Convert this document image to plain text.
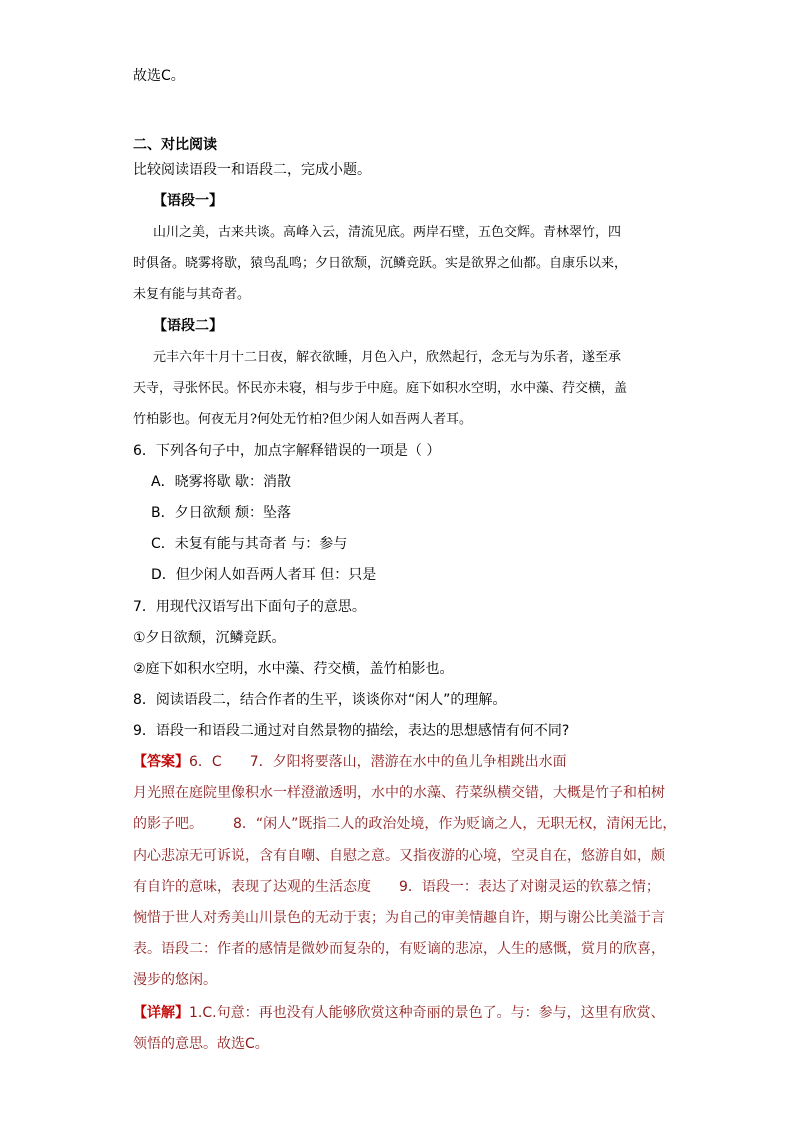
故选C。
二、对比阅读
比较阅读语段一和语段二，完成小题。
【语段一】
山川之美，古来共谈。高峰入云，清流见底。两岸石壁，五色交辉。青林翠竹，四
时俱备。晓雾将歇，猿鸟乱鸣；夕日欲颓，沉鳞竞跃。实是欲界之仙都。自康乐以来，
未复有能与其奇者。
【语段二】
元丰六年十月十二日夜，解衣欲睡，月色入户，欣然起行，念无与为乐者，遂至承
天寺，寻张怀民。怀民亦未寝，相与步于中庭。庭下如积水空明，水中藻、荇交横，盖
竹柏影也。何夜无月?何处无竹柏?但少闲人如吾两人者耳。
6．下列各句子中，加点字解释错误的一项是（ ）
A．晓雾将歇 歇：消散
B．夕日欲颓 颓：坠落
C．未复有能与其奇者 与：参与
D．但少闲人如吾两人者耳 但：只是
7．用现代汉语写出下面句子的意思。
①夕日欲颓，沉鳞竞跃。
②庭下如积水空明，水中藻、荇交横，盖竹柏影也。
8．阅读语段二，结合作者的生平，谈谈你对“闲人”的理解。
9．语段一和语段二通过对自然景物的描绘，表达的思想感情有何不同?
【答案】6．C 7．夕阳将要落山，潜游在水中的鱼儿争相跳出水面
月光照在庭院里像积水一样澄澈透明，水中的水藻、荇菜纵横交错，大概是竹子和柏树
的影子吧。 8．“闲人”既指二人的政治处境，作为贬谪之人，无职无权，清闲无比，
内心悲凉无可诉说，含有自嘲、自慰之意。又指夜游的心境，空灵自在，悠游自如，颇
有自许的意味，表现了达观的生活态度 9．语段一：表达了对谢灵运的钦慕之情；
惋惜于世人对秀美山川景色的无动于衷；为自己的审美情趣自许，期与谢公比美溢于言
表。语段二：作者的感情是微妙而复杂的，有贬谪的悲凉，人生的感慨，赏月的欣喜，
漫步的悠闲。
【详解】1.C.句意：再也没有人能够欣赏这种奇丽的景色了。与：参与，这里有欣赏、
领悟的意思。故选C。
